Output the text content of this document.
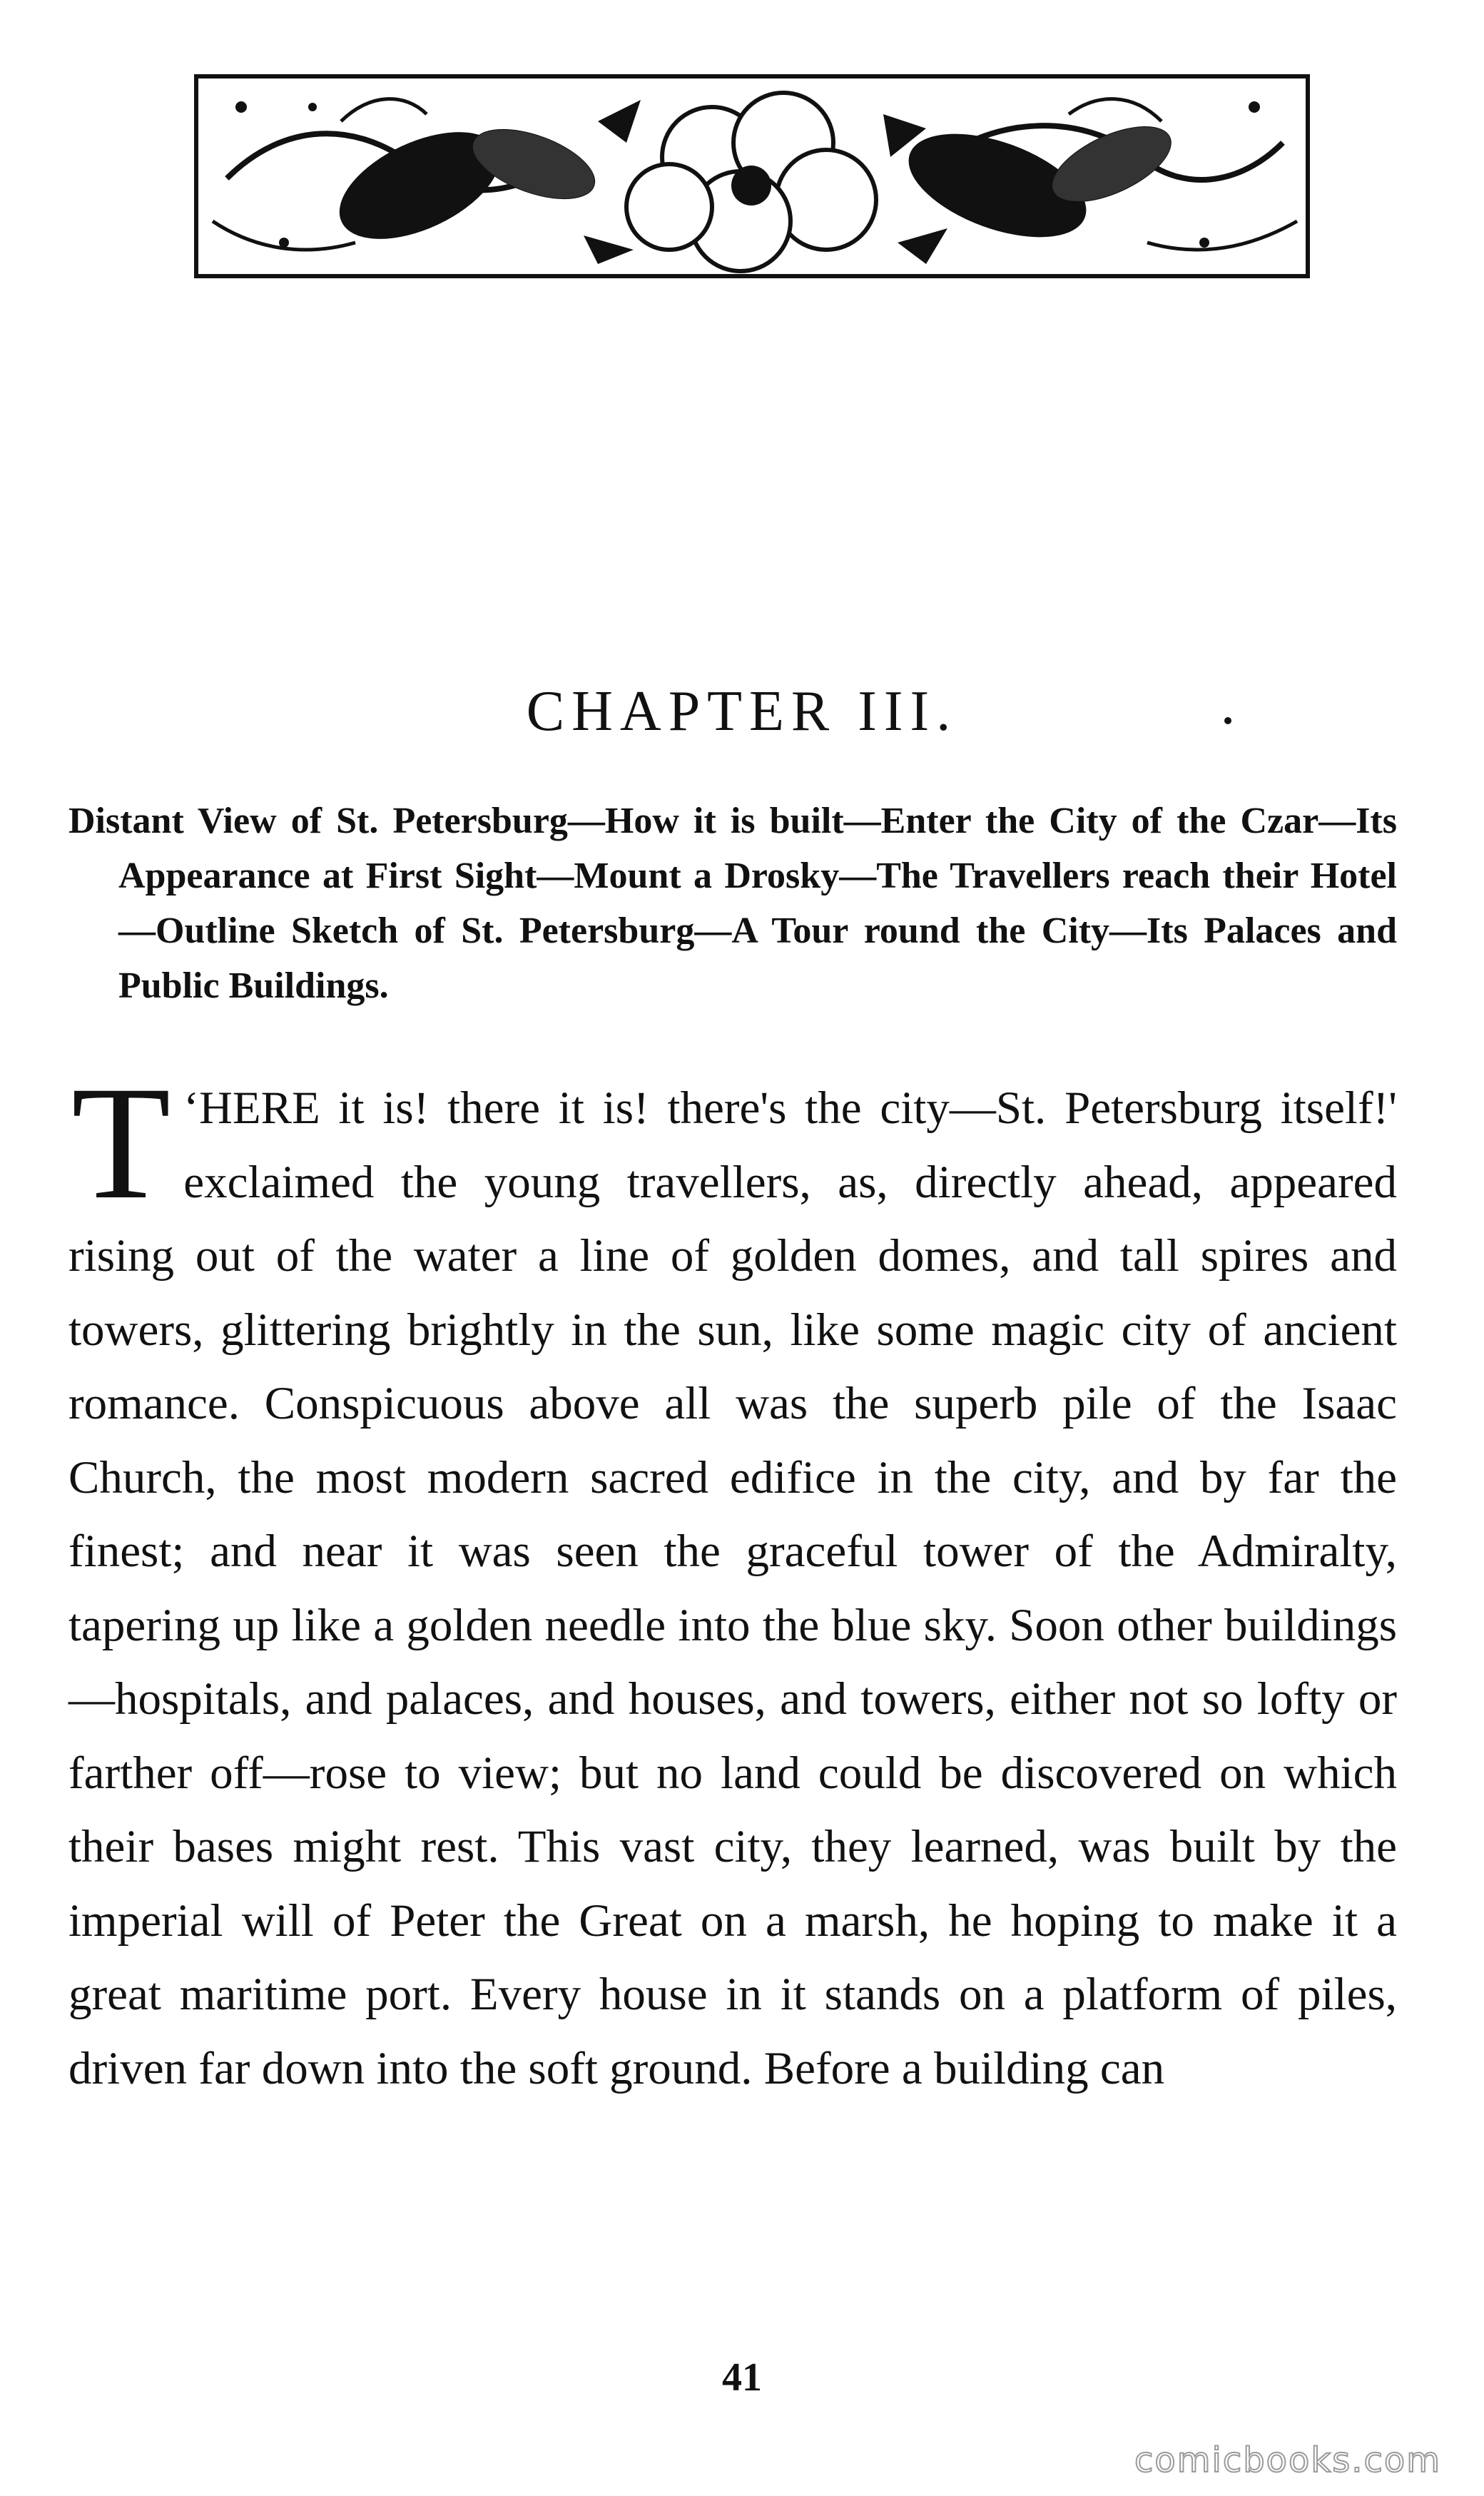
CHAPTER III.

Distant View of St. Petersburg—How it is built—Enter the City of the Czar—Its Appearance at First Sight—Mount a Drosky—The Travellers reach their Hotel—Outline Sketch of St. Petersburg—A Tour round the City—Its Palaces and Public Buildings.

‘
T HERE it is! there it is! there's the city—St. Petersburg itself!' exclaimed the young travellers, as, directly ahead, appeared rising out of the water a line of golden domes, and tall spires and towers, glittering brightly in the sun, like some magic city of ancient romance. Conspicuous above all was the superb pile of the Isaac Church, the most modern sacred edifice in the city, and by far the finest; and near it was seen the graceful tower of the Admiralty, tapering up like a golden needle into the blue sky. Soon other buildings—hospitals, and palaces, and houses, and towers, either not so lofty or farther off—rose to view; but no land could be discovered on which their bases might rest. This vast city, they learned, was built by the imperial will of Peter the Great on a marsh, he hoping to make it a great maritime port. Every house in it stands on a platform of piles, driven far down into the soft ground. Before a building can

41

comicbooks.com
